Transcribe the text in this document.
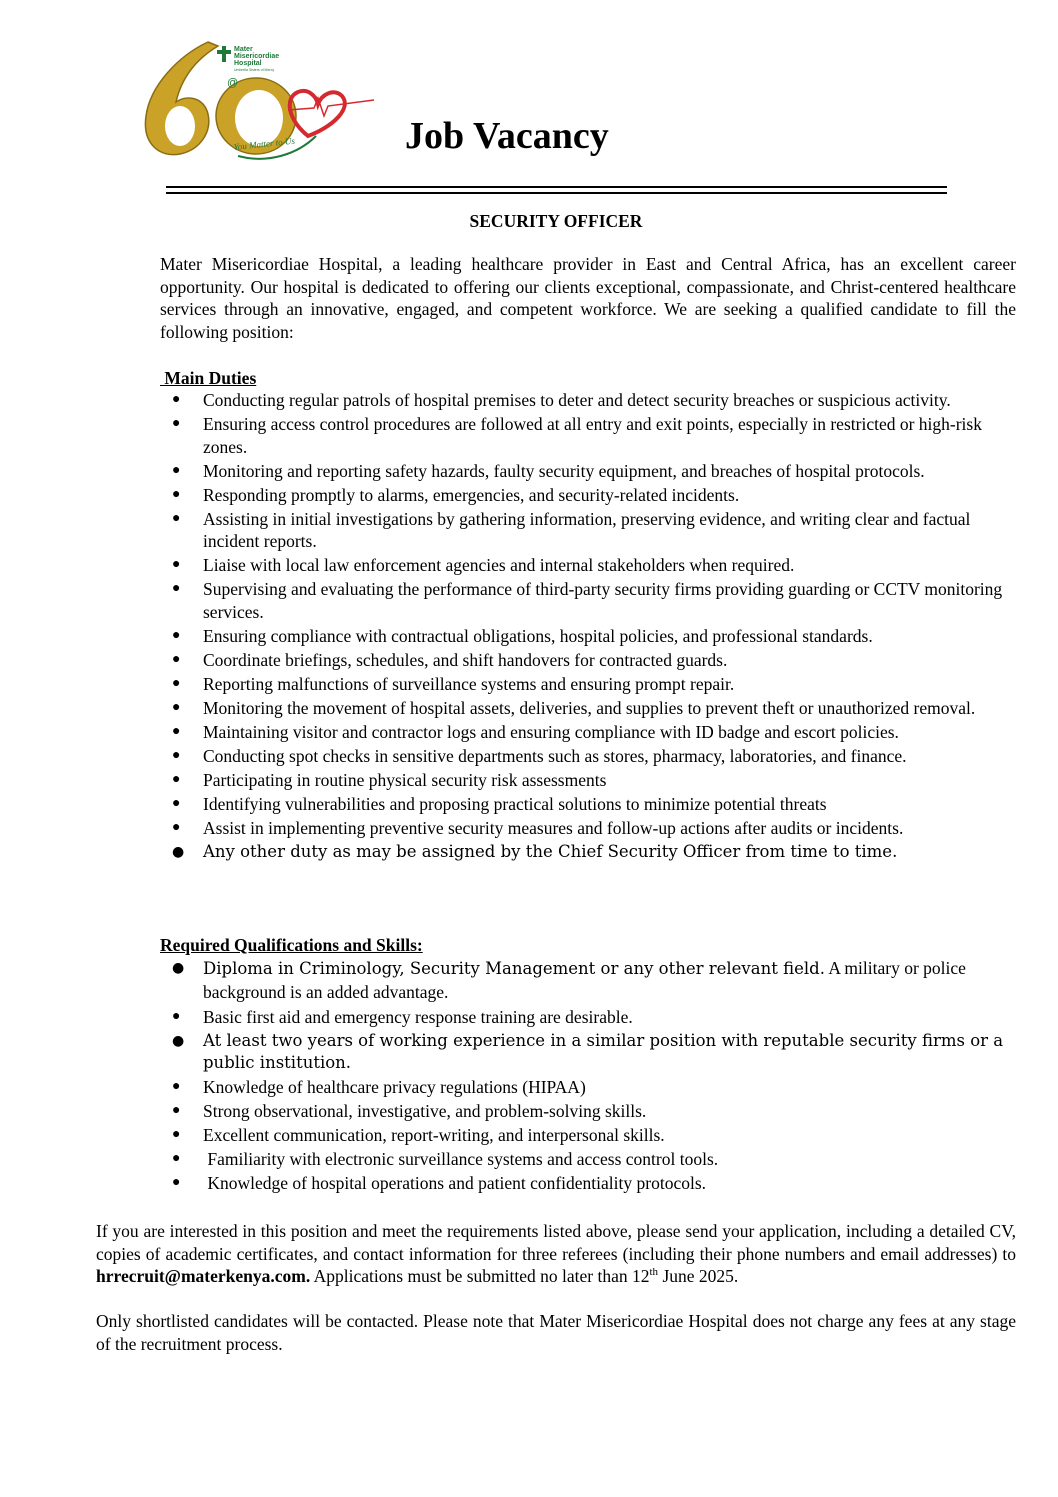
Mater
Misericordiae
Hospital
Umbrella Sisters of Mercy
@
You Matter to Us	Job Vacancy
SECURITY OFFICER

Mater Misericordiae Hospital, a leading healthcare provider in East and Central Africa, has an excellent career opportunity. Our hospital is dedicated to offering our clients exceptional, compassionate, and Christ-centered healthcare services through an innovative, engaged, and competent workforce. We are seeking a qualified candidate to fill the following position:

Main Duties
● Conducting regular patrols of hospital premises to deter and detect security breaches or suspicious activity.
● Ensuring access control procedures are followed at all entry and exit points, especially in restricted or high-risk zones.
● Monitoring and reporting safety hazards, faulty security equipment, and breaches of hospital protocols.
● Responding promptly to alarms, emergencies, and security-related incidents.
● Assisting in initial investigations by gathering information, preserving evidence, and writing clear and factual incident reports.
● Liaise with local law enforcement agencies and internal stakeholders when required.
● Supervising and evaluating the performance of third-party security firms providing guarding or CCTV monitoring services.
● Ensuring compliance with contractual obligations, hospital policies, and professional standards.
● Coordinate briefings, schedules, and shift handovers for contracted guards.
● Reporting malfunctions of surveillance systems and ensuring prompt repair.
● Monitoring the movement of hospital assets, deliveries, and supplies to prevent theft or unauthorized removal.
● Maintaining visitor and contractor logs and ensuring compliance with ID badge and escort policies.
● Conducting spot checks in sensitive departments such as stores, pharmacy, laboratories, and finance.
● Participating in routine physical security risk assessments
● Identifying vulnerabilities and proposing practical solutions to minimize potential threats
● Assist in implementing preventive security measures and follow-up actions after audits or incidents.
● Any other duty as may be assigned by the Chief Security Officer from time to time.
Required Qualifications and Skills:
● Diploma in Criminology, Security Management or any other relevant field. A military or police background is an added advantage.
● Basic first aid and emergency response training are desirable.
● At least two years of working experience in a similar position with reputable security firms or a public institution.
● Knowledge of healthcare privacy regulations (HIPAA)
● Strong observational, investigative, and problem-solving skills.
● Excellent communication, report-writing, and interpersonal skills.
● Familiarity with electronic surveillance systems and access control tools.
● Knowledge of hospital operations and patient confidentiality protocols.

If you are interested in this position and meet the requirements listed above, please send your application, including a detailed CV, copies of academic certificates, and contact information for three referees (including their phone numbers and email addresses) to hrrecruit@materkenya.com. Applications must be submitted no later than 12th June 2025.

Only shortlisted candidates will be contacted. Please note that Mater Misericordiae Hospital does not charge any fees at any stage of the recruitment process.
